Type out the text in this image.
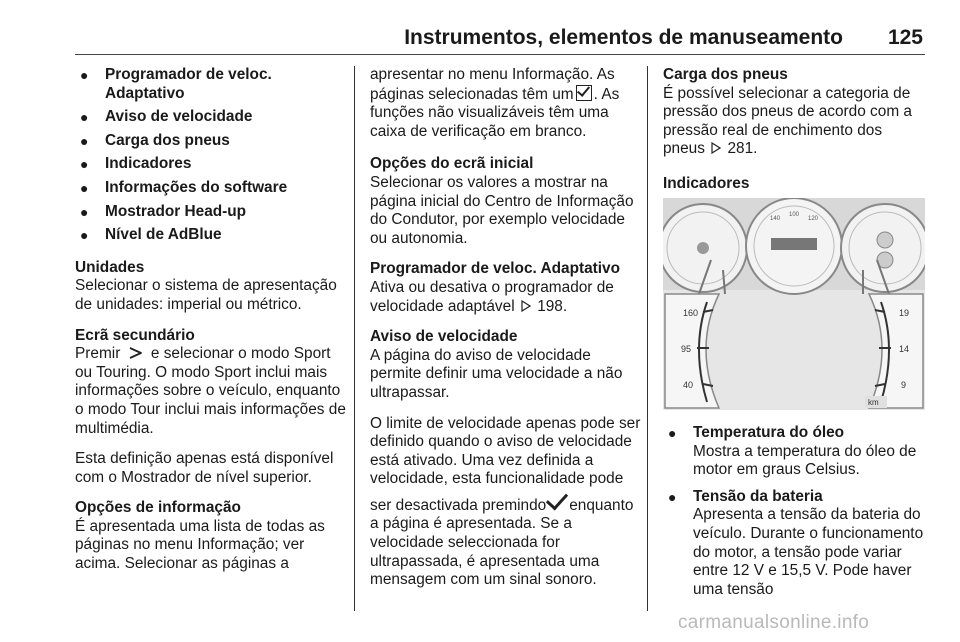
Instrumentos, elementos de manuseamento 125
● Programador de veloc. Adaptativo
● Aviso de velocidade
● Carga dos pneus
● Indicadores
● Informações do software
● Mostrador Head-up
● Nível de AdBlue
Unidades

Selecionar o sistema de apresentação de unidades: imperial ou métrico.

Ecrã secundário

Premir e selecionar o modo Sport ou Touring. O modo Sport inclui mais informações sobre o veículo, enquanto o modo Tour inclui mais informações de multimédia.

Esta definição apenas está disponível com o Mostrador de nível superior.

Opções de informação

É apresentada uma lista de todas as páginas no menu Informação; ver acima. Selecionar as páginas a

apresentar no menu Informação. As páginas selecionadas têm um . As funções não visualizáveis têm uma caixa de verificação em branco.

Opções do ecrã inicial

Selecionar os valores a mostrar na página inicial do Centro de Informação do Condutor, por exemplo velocidade ou autonomia.

Programador de veloc. Adaptativo

Ativa ou desativa o programador de velocidade adaptável 198.

Aviso de velocidade

A página do aviso de velocidade permite definir uma velocidade a não ultrapassar.

O limite de velocidade apenas pode ser definido quando o aviso de velocidade está ativado. Uma vez definida a velocidade, esta funcionalidade pode ser desactivada premindo enquanto a página é apresentada. Se a velocidade seleccionada for ultrapassada, é apresentada uma mensagem com um sinal sonoro.

Carga dos pneus

É possível selecionar a categoria de pressão dos pneus de acordo com a pressão real de enchimento dos pneus 281.

Indicadores
100
120
140
160
95
40
19
14
9
km
● Temperatura do óleo
Mostra a temperatura do óleo de motor em graus Celsius.
● Tensão da bateria
Apresenta a tensão da bateria do veículo. Durante o funcionamento do motor, a tensão pode variar entre 12 V e 15,5 V. Pode haver uma tensão
carmanualsonline.info
